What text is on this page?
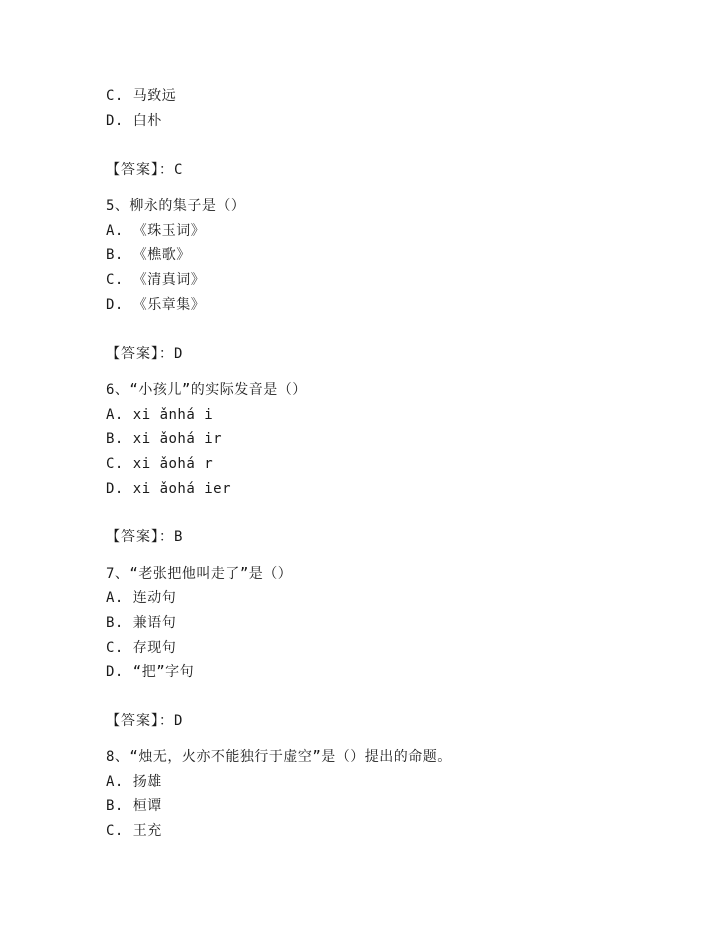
C. 马致远
D. 白朴
【答案】：C
5、柳永的集子是（）
A. 《珠玉词》
B. 《樵歌》
C. 《清真词》
D. 《乐章集》
【答案】：D
6、“小孩儿”的实际发音是（）
A. xi ǎnhá i
B. xi ǎohá ir
C. xi ǎohá r
D. xi ǎohá ier
【答案】：B
7、“老张把他叫走了”是（）
A. 连动句
B. 兼语句
C. 存现句
D. “把”字句
【答案】：D
8、“烛无，火亦不能独行于虚空”是（）提出的命题。
A. 扬雄
B. 桓谭
C. 王充
